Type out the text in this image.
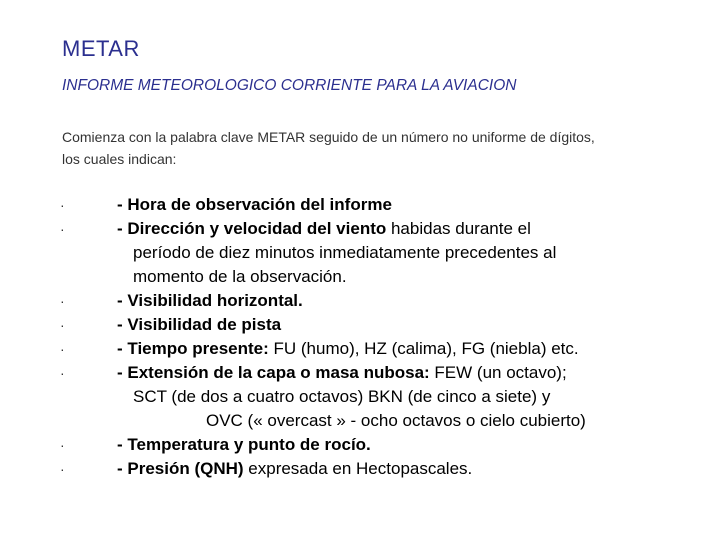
METAR
INFORME METEOROLOGICO CORRIENTE PARA LA AVIACION
Comienza con la palabra clave METAR seguido de un número no uniforme de dígitos,
los cuales indican:
·	- Hora de observación del informe
·	- Dirección y velocidad del viento habidas durante el
período de diez minutos inmediatamente precedentes al
momento de la observación.
·	- Visibilidad horizontal.
·	- Visibilidad de pista
·	- Tiempo presente: FU (humo), HZ (calima), FG (niebla) etc.
·	- Extensión de la capa o masa nubosa: FEW (un octavo);
SCT (de dos a cuatro octavos) BKN (de cinco a siete) y
OVC (« overcast » - ocho octavos o cielo cubierto)
·	- Temperatura y punto de rocío.
·	- Presión (QNH) expresada en Hectopascales.
